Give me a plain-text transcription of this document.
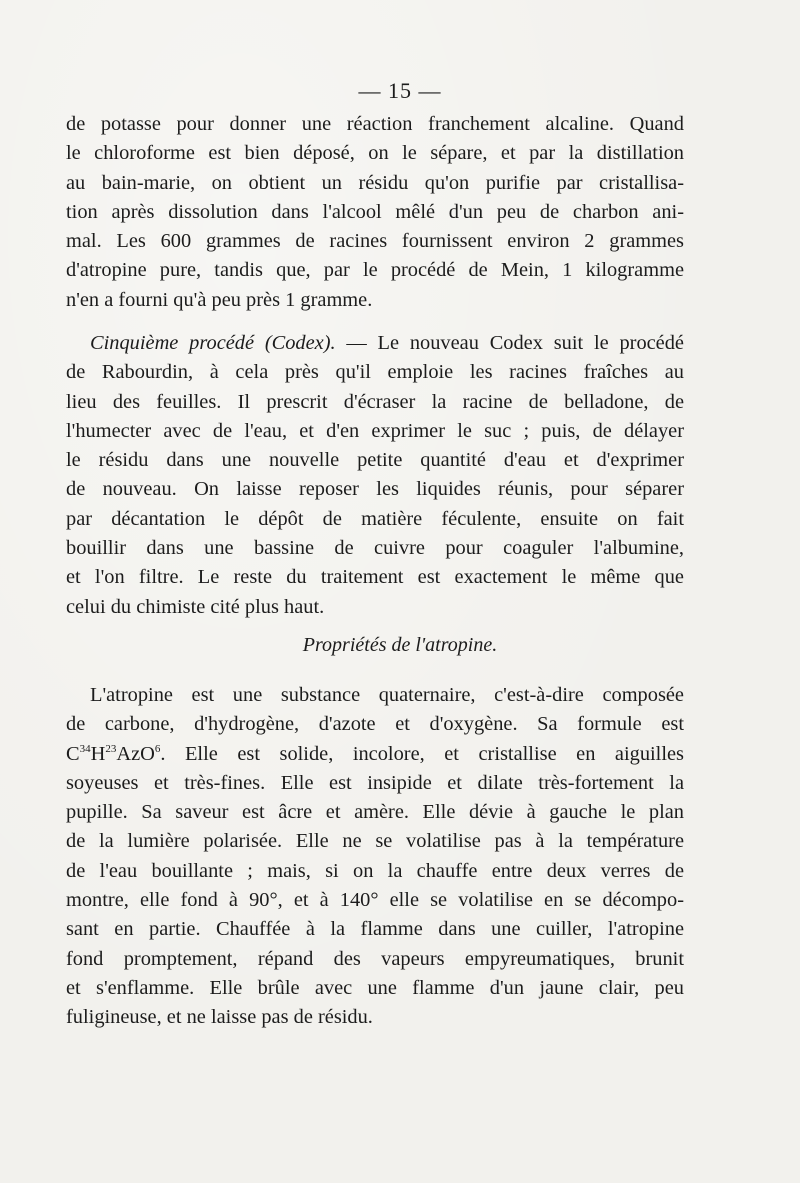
— 15 —
de potasse pour donner une réaction franchement alcaline. Quand
le chloroforme est bien déposé, on le sépare, et par la distillation
au bain-marie, on obtient un résidu qu'on purifie par cristallisa-
tion après dissolution dans l'alcool mêlé d'un peu de charbon ani-
mal. Les 600 grammes de racines fournissent environ 2 grammes
d'atropine pure, tandis que, par le procédé de Mein, 1 kilogramme
n'en a fourni qu'à peu près 1 gramme.
Cinquième procédé (Codex). — Le nouveau Codex suit le procédé
de Rabourdin, à cela près qu'il emploie les racines fraîches au
lieu des feuilles. Il prescrit d'écraser la racine de belladone, de
l'humecter avec de l'eau, et d'en exprimer le suc ; puis, de délayer
le résidu dans une nouvelle petite quantité d'eau et d'exprimer
de nouveau. On laisse reposer les liquides réunis, pour séparer
par décantation le dépôt de matière féculente, ensuite on fait
bouillir dans une bassine de cuivre pour coaguler l'albumine,
et l'on filtre. Le reste du traitement est exactement le même que
celui du chimiste cité plus haut.
Propriétés de l'atropine.
L'atropine est une substance quaternaire, c'est-à-dire composée
de carbone, d'hydrogène, d'azote et d'oxygène. Sa formule est
$C^{34}H^{23}AzO^6$. Elle est solide, incolore, et cristallise en aiguilles
soyeuses et très-fines. Elle est insipide et dilate très-fortement la
pupille. Sa saveur est âcre et amère. Elle dévie à gauche le plan
de la lumière polarisée. Elle ne se volatilise pas à la température
de l'eau bouillante ; mais, si on la chauffe entre deux verres de
montre, elle fond à 90°, et à 140° elle se volatilise en se décompo-
sant en partie. Chauffée à la flamme dans une cuiller, l'atropine
fond promptement, répand des vapeurs empyreumatiques, brunit
et s'enflamme. Elle brûle avec une flamme d'un jaune clair, peu
fuligineuse, et ne laisse pas de résidu.
